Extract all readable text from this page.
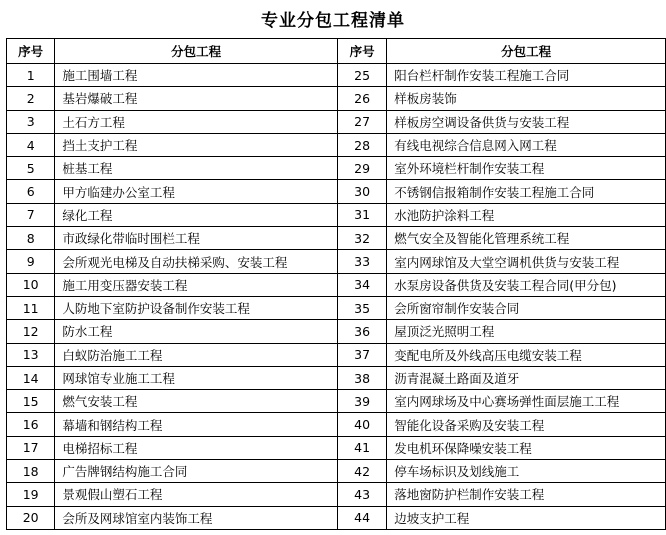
专业分包工程清单
序号	分包工程	序号	分包工程
1	施工围墙工程	25	阳台栏杆制作安装工程施工合同
2	基岩爆破工程	26	样板房装饰
3	土石方工程	27	样板房空调设备供货与安装工程
4	挡土支护工程	28	有线电视综合信息网入网工程
5	桩基工程	29	室外环境栏杆制作安装工程
6	甲方临建办公室工程	30	不锈钢信报箱制作安装工程施工合同
7	绿化工程	31	水池防护涂料工程
8	市政绿化带临时围栏工程	32	燃气安全及智能化管理系统工程
9	会所观光电梯及自动扶梯采购、安装工程	33	室内网球馆及大堂空调机供货与安装工程
10	施工用变压器安装工程	34	水泵房设备供货及安装工程合同(甲分包)
11	人防地下室防护设备制作安装工程	35	会所窗帘制作安装合同
12	防水工程	36	屋顶泛光照明工程
13	白蚁防治施工工程	37	变配电所及外线高压电缆安装工程
14	网球馆专业施工工程	38	沥青混凝土路面及道牙
15	燃气安装工程	39	室内网球场及中心赛场弹性面层施工工程
16	幕墙和钢结构工程	40	智能化设备采购及安装工程
17	电梯招标工程	41	发电机环保降噪安装工程
18	广告牌钢结构施工合同	42	停车场标识及划线施工
19	景观假山塑石工程	43	落地窗防护栏制作安装工程
20	会所及网球馆室内装饰工程	44	边坡支护工程
